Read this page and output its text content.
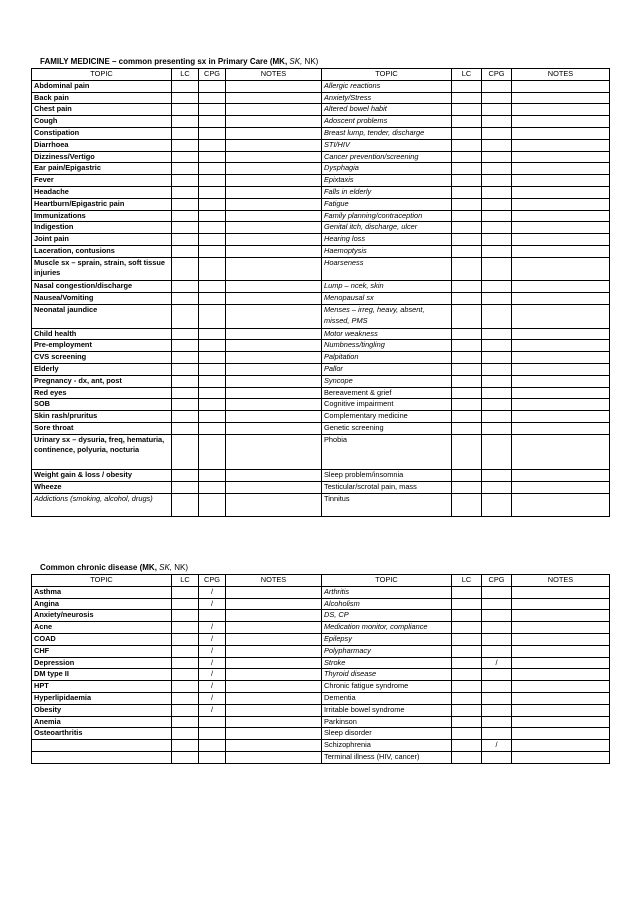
FAMILY MEDICINE – common presenting sx in Primary Care (MK, SK, NK)
TOPIC	LC	CPG	NOTES	TOPIC	LC	CPG	NOTES
Abdominal pain				Allergic reactions			
Back pain				Anxiety/Stress			
Chest pain				Altered bowel habit			
Cough				Adoscent problems			
Constipation				Breast lump, tender, discharge			
Diarrhoea				STI/HIV			
Dizziness/Vertigo				Cancer prevention/screening			
Ear pain/Epigastric				Dysphagia			
Fever				Epixtaxis			
Headache				Falls in elderly			
Heartburn/Epigastric pain				Fatigue			
Immunizations				Family planning/contraception			
Indigestion				Genital itch, discharge, ulcer			
Joint pain				Hearing loss			
Laceration, contusions				Haemoptysis			
Muscle sx – sprain, strain, soft tissue injuries				Hoarseness			
Nasal congestion/discharge				Lump – ncek, skin			
Nausea/Vomiting				Menopausal sx			
Neonatal jaundice				Menses – irreg, heavy, absent, missed, PMS			
Child health				Motor weakness			
Pre-employment				Numbness/tingling			
CVS screening				Palpitation			
Elderly				Pallor			
Pregnancy - dx, ant, post				Syncope			
Red eyes				Bereavement & grief			
SOB				Cognitive impairment			
Skin rash/pruritus				Complementary medicine			
Sore throat				Genetic screening			
Urinary sx – dysuria, freq, hematuria, continence, polyuria, nocturia				Phobia			
Weight gain & loss / obesity				Sleep problem/insomnia			
Wheeze				Testicular/scrotal pain, mass			
Addictions (smoking, alcohol, drugs)				Tinnitus			
Common chronic disease (MK, SK, NK)
TOPIC	LC	CPG	NOTES	TOPIC	LC	CPG	NOTES
Asthma		/		Arthritis			
Angina		/		Alcoholism			
Anxiety/neurosis				DS, CP			
Acne		/		Medication monitor, compliance			
COAD		/		Epilepsy			
CHF		/		Polypharmacy			
Depression		/		Stroke		/	
DM type II		/		Thyroid disease			
HPT		/		Chronic fatigue syndrome			
Hyperlipidaemia		/		Dementia			
Obesity		/		Irritable bowel syndrome			
Anemia				Parkinson			
Osteoarthritis				Sleep disorder			
				Schizophrenia		/	
				Terminal illness (HIV, cancer)			
